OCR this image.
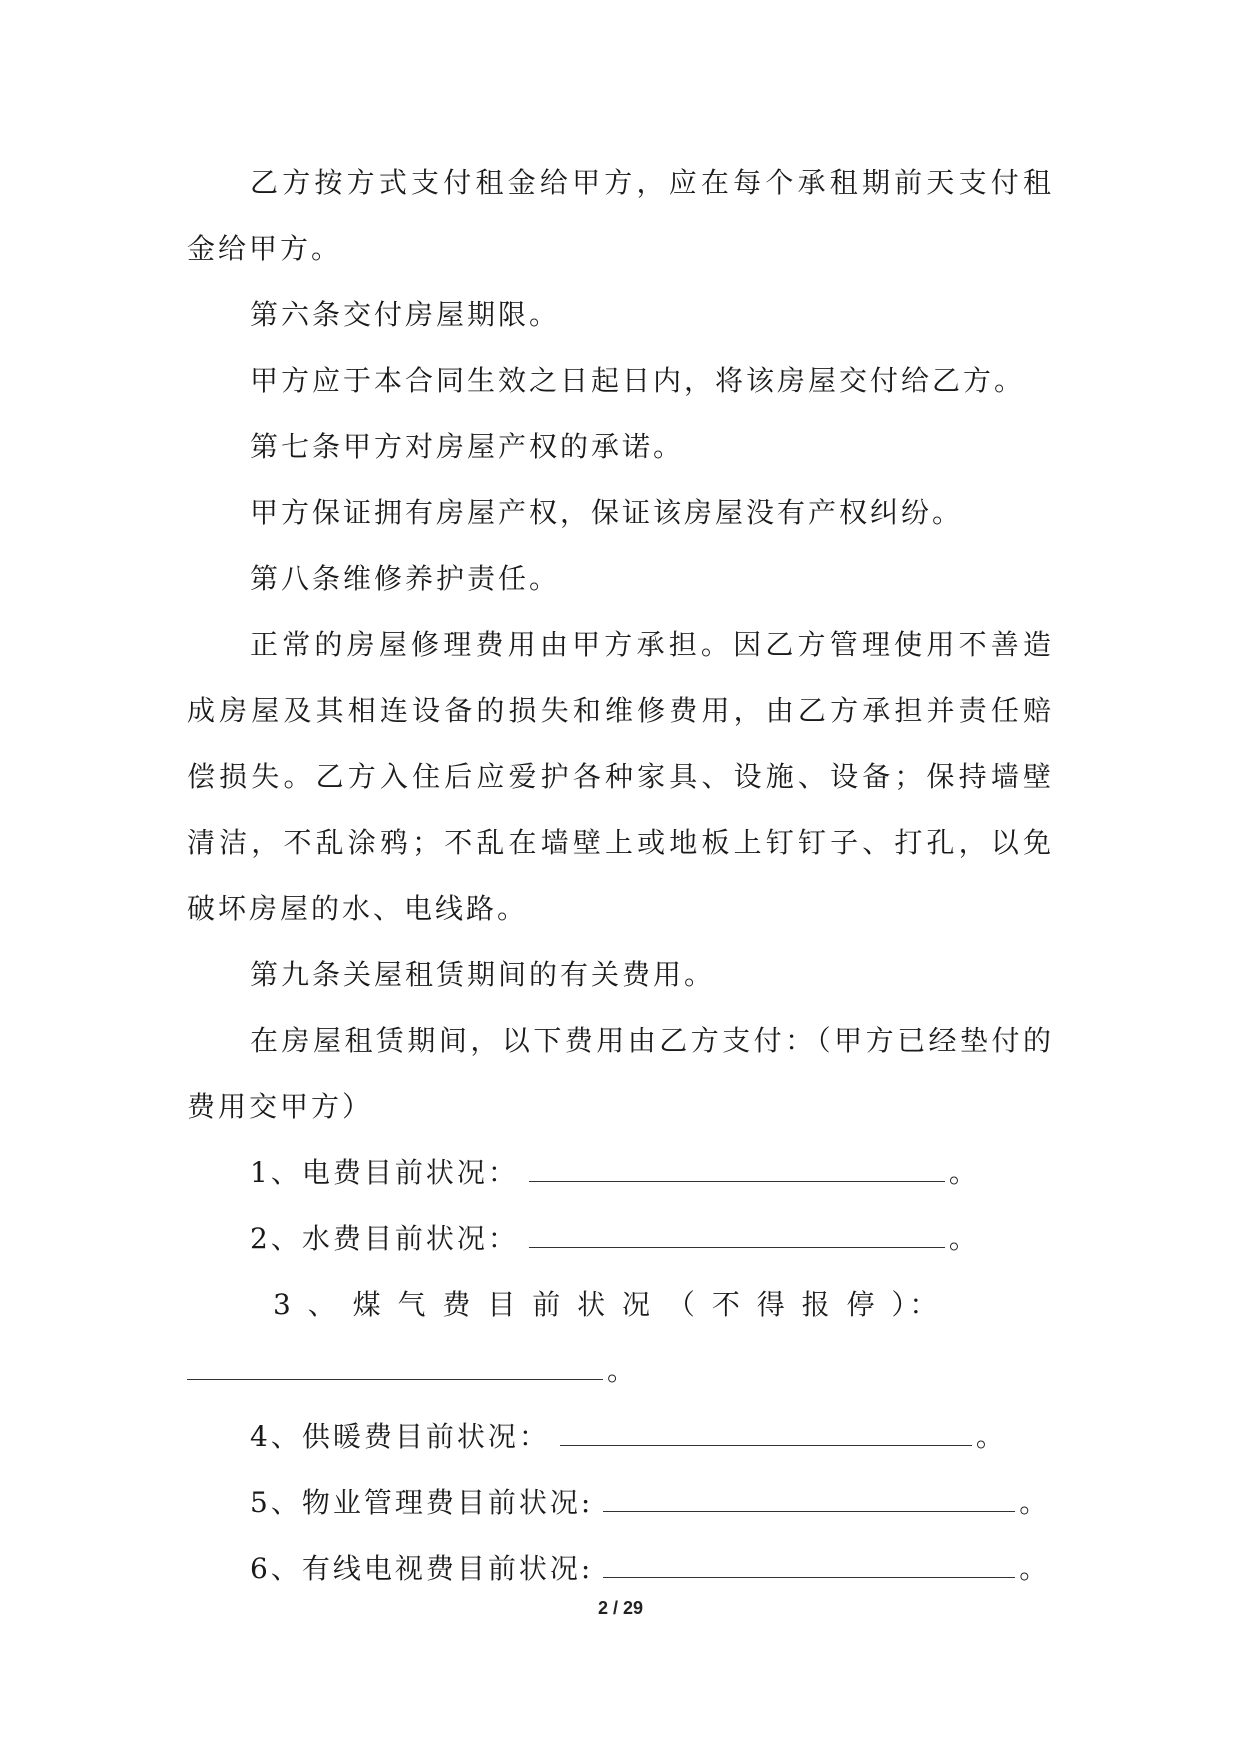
乙方按方式支付租金给甲方，应在每个承租期前天支付租金给甲方。

第六条交付房屋期限。

甲方应于本合同生效之日起日内，将该房屋交付给乙方。

第七条甲方对房屋产权的承诺。

甲方保证拥有房屋产权，保证该房屋没有产权纠纷。

第八条维修养护责任。

正常的房屋修理费用由甲方承担。因乙方管理使用不善造成房屋及其相连设备的损失和维修费用，由乙方承担并责任赔偿损失。乙方入住后应爱护各种家具、设施、设备；保持墙壁清洁，不乱涂鸦；不乱在墙壁上或地板上钉钉子、打孔，以免破坏房屋的水、电线路。

第九条关屋租赁期间的有关费用。

在房屋租赁期间，以下费用由乙方支付：（甲方已经垫付的费用交甲方）

1、电费目前状况：	。

2、水费目前状况：	。

3 、 煤 气 费 目 前 状 况 （ 不 得 报 停 ）：

。

4、供暖费目前状况：	。

5、物业管理费目前状况:	。

6、有线电视费目前状况:	。

2 / 29
